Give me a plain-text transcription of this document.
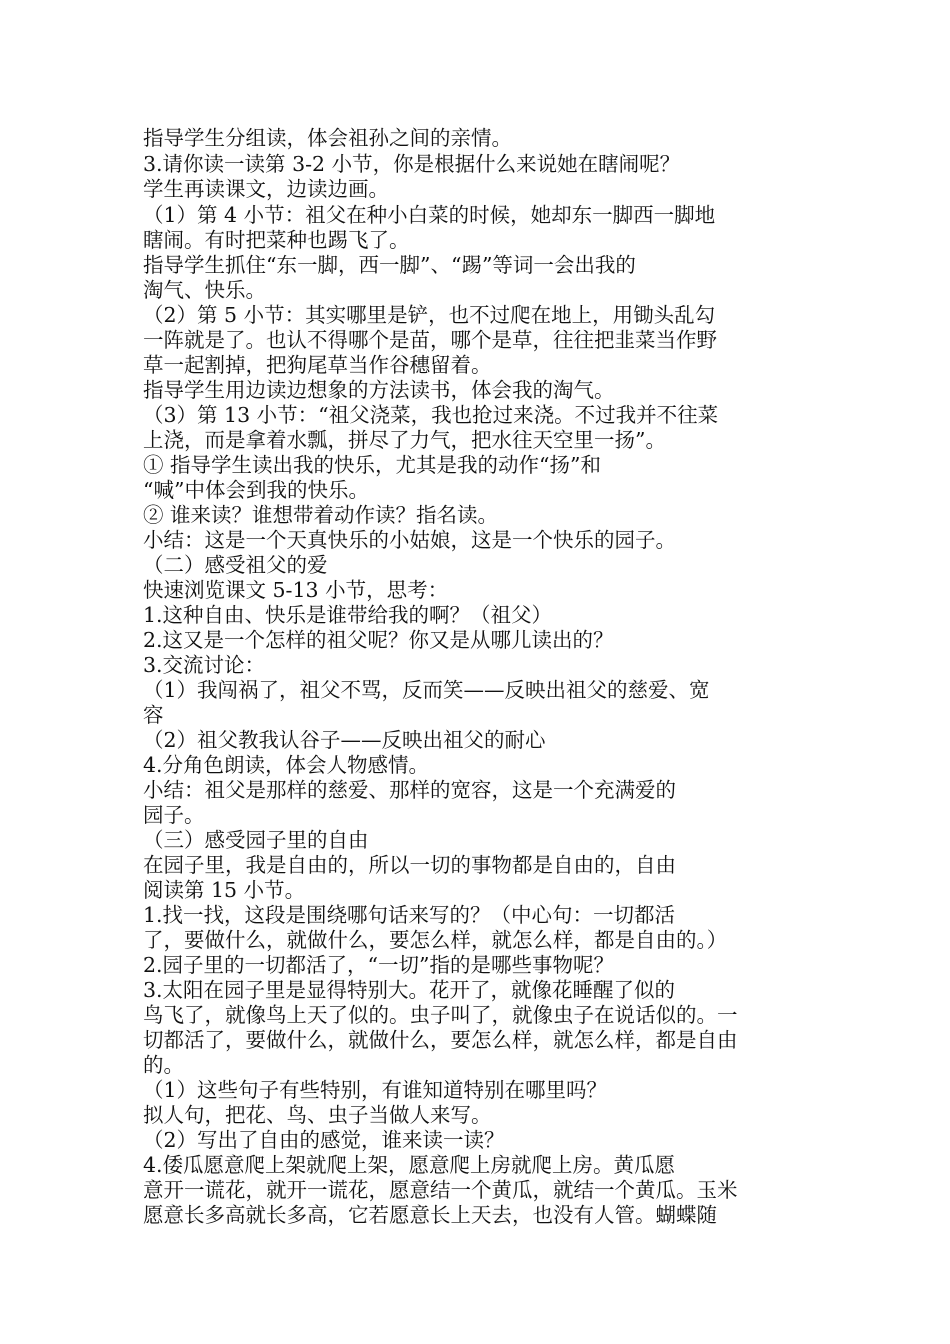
指导学生分组读，体会祖孙之间的亲情。
3.请你读一读第 3-2 小节，你是根据什么来说她在瞎闹呢？
学生再读课文，边读边画。
（1）第 4 小节：祖父在种小白菜的时候，她却东一脚西一脚地
瞎闹。有时把菜种也踢飞了。
指导学生抓住“东一脚，西一脚”、“踢”等词一会出我的
淘气、快乐。
（2）第 5 小节：其实哪里是铲，也不过爬在地上，用锄头乱勾
一阵就是了。也认不得哪个是苗，哪个是草，往往把韭菜当作野
草一起割掉，把狗尾草当作谷穗留着。
指导学生用边读边想象的方法读书，体会我的淘气。
（3）第 13 小节：“祖父浇菜，我也抢过来浇。不过我并不往菜
上浇，而是拿着水瓢，拼尽了力气，把水往天空里一扬”。
① 指导学生读出我的快乐，尤其是我的动作“扬”和
“喊”中体会到我的快乐。
② 谁来读？谁想带着动作读？指名读。
小结：这是一个天真快乐的小姑娘，这是一个快乐的园子。
（二）感受祖父的爱
快速浏览课文 5-13 小节，思考：
1.这种自由、快乐是谁带给我的啊？（祖父）
2.这又是一个怎样的祖父呢？你又是从哪儿读出的？
3.交流讨论：
（1）我闯祸了，祖父不骂，反而笑——反映出祖父的慈爱、宽
容
（2）祖父教我认谷子——反映出祖父的耐心
4.分角色朗读，体会人物感情。
小结：祖父是那样的慈爱、那样的宽容，这是一个充满爱的
园子。
（三）感受园子里的自由
在园子里，我是自由的，所以一切的事物都是自由的，自由
阅读第 15 小节。
1.找一找，这段是围绕哪句话来写的？（中心句：一切都活
了，要做什么，就做什么，要怎么样，就怎么样，都是自由的。）
2.园子里的一切都活了，“一切”指的是哪些事物呢？
3.太阳在园子里是显得特别大。花开了，就像花睡醒了似的
鸟飞了，就像鸟上天了似的。虫子叫了，就像虫子在说话似的。一
切都活了，要做什么，就做什么，要怎么样，就怎么样，都是自由
的。
（1）这些句子有些特别，有谁知道特别在哪里吗？
拟人句，把花、鸟、虫子当做人来写。
（2）写出了自由的感觉，谁来读一读？
4.倭瓜愿意爬上架就爬上架，愿意爬上房就爬上房。黄瓜愿
意开一谎花，就开一谎花，愿意结一个黄瓜，就结一个黄瓜。玉米
愿意长多高就长多高，它若愿意长上天去，也没有人管。蝴蝶随
